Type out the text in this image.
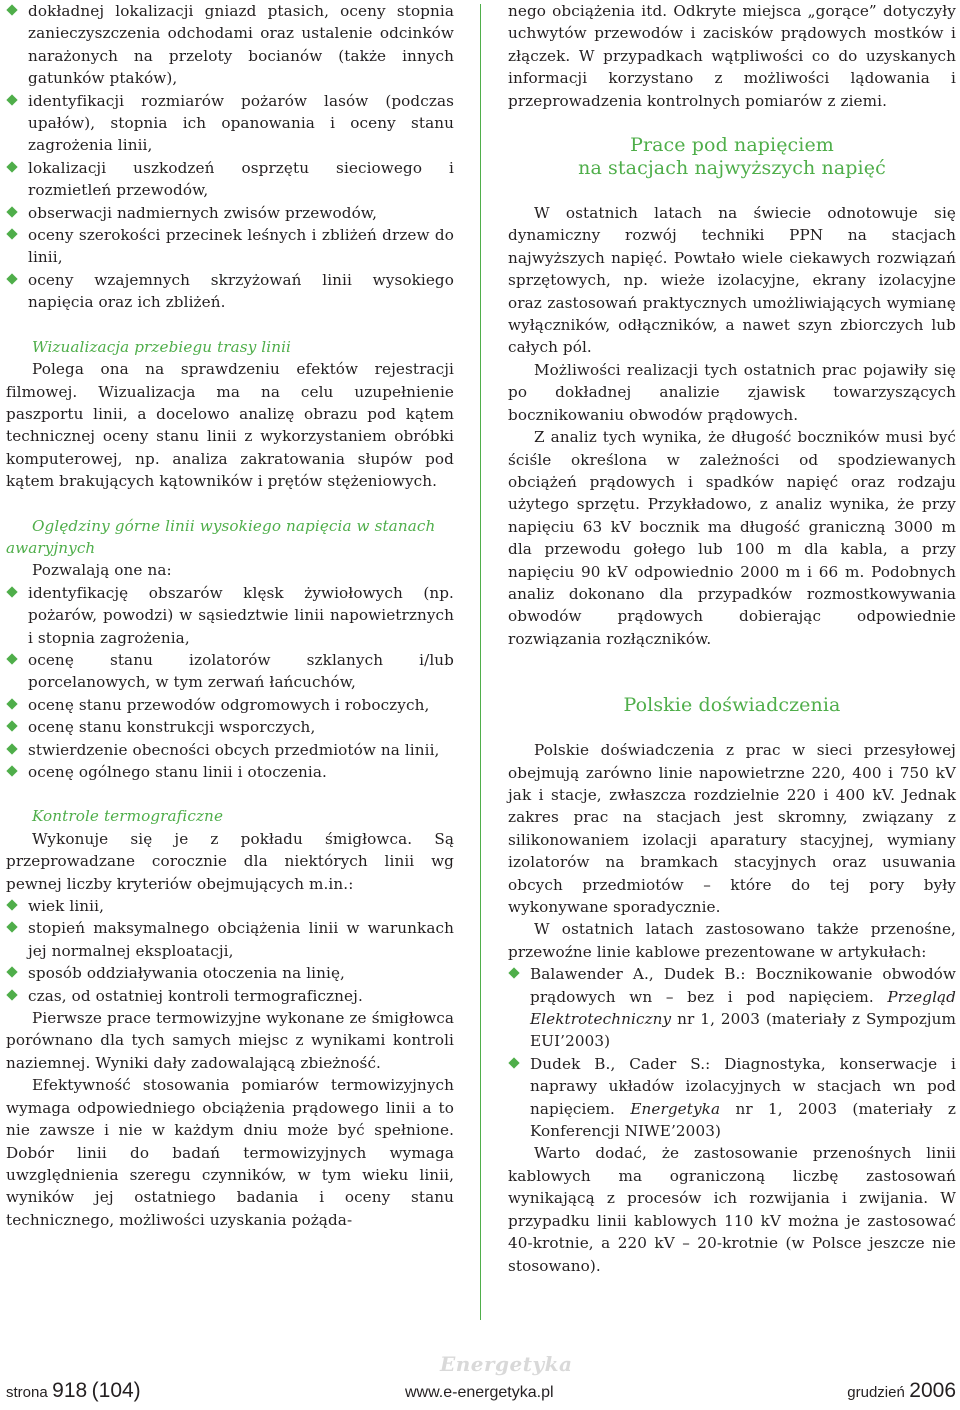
dokładnej lokalizacji gniazd ptasich, oceny stopnia zanieczyszczenia odchodami oraz ustalenie odcinków narażonych na przeloty bocianów (także innych gatunków ptaków),
identyfikacji rozmiarów pożarów lasów (podczas upałów), stopnia ich opanowania i oceny stanu zagrożenia linii,
lokalizacji uszkodzeń osprzętu sieciowego i rozmietleń przewodów,
obserwacji nadmiernych zwisów przewodów,
oceny szerokości przecinek leśnych i zbliżeń drzew do linii,
oceny wzajemnych skrzyżowań linii wysokiego napięcia oraz ich zbliżeń.
Wizualizacja przebiegu trasy linii

Polega ona na sprawdzeniu efektów rejestracji filmowej. Wizualizacja ma na celu uzupełnienie paszportu linii, a docelowo analizę obrazu pod kątem technicznej oceny stanu linii z wykorzystaniem obróbki komputerowej, np. analiza zakratowania słupów pod kątem brakujących kątowników i prętów stężeniowych.

Oględziny górne linii wysokiego napięcia w stanach awaryjnych

Pozwalają one na:

identyfikację obszarów klęsk żywiołowych (np. pożarów, powodzi) w sąsiedztwie linii napowietrznych i stopnia zagrożenia,
ocenę stanu izolatorów szklanych i/lub porcelanowych, w tym zerwań łańcuchów,
ocenę stanu przewodów odgromowych i roboczych,
ocenę stanu konstrukcji wsporczych,
stwierdzenie obecności obcych przedmiotów na linii,
ocenę ogólnego stanu linii i otoczenia.
Kontrole termograficzne

Wykonuje się je z pokładu śmigłowca. Są przeprowadzane corocznie dla niektórych linii wg pewnej liczby kryteriów obejmujących m.in.:

wiek linii,
stopień maksymalnego obciążenia linii w warunkach jej normalnej eksploatacji,
sposób oddziaływania otoczenia na linię,
czas, od ostatniej kontroli termograficznej.

Pierwsze prace termowizyjne wykonane ze śmigłowca porównano dla tych samych miejsc z wynikami kontroli naziemnej. Wyniki dały zadowalającą zbieżność.

Efektywność stosowania pomiarów termowizyjnych wymaga odpowiedniego obciążenia prądowego linii a to nie zawsze i nie w każdym dniu może być spełnione. Dobór linii do badań termowizyjnych wymaga uwzględnienia szeregu czynników, w tym wieku linii, wyników jej ostatniego badania i oceny stanu technicznego, możliwości uzyskania pożąda-

nego obciążenia itd. Odkryte miejsca „gorące” dotyczyły uchwytów przewodów i zacisków prądowych mostków i złączek. W przypadkach wątpliwości co do uzyskanych informacji korzystano z możliwości lądowania i przeprowadzenia kontrolnych pomiarów z ziemi.

Prace pod napięciem
na stacjach najwyższych napięć

W ostatnich latach na świecie odnotowuje się dynamiczny rozwój techniki PPN na stacjach najwyższych napięć. Powtało wiele ciekawych rozwiązań sprzętowych, np. wieże izolacyjne, ekrany izolacyjne oraz zastosowań praktycznych umożliwiających wymianę wyłączników, odłączników, a nawet szyn zbiorczych lub całych pól.

Możliwości realizacji tych ostatnich prac pojawiły się po dokładnej analizie zjawisk towarzyszących bocznikowaniu obwodów prądowych.

Z analiz tych wynika, że długość boczników musi być ściśle określona w zależności od spodziewanych obciążeń prądowych i spadków napięć oraz rodzaju użytego sprzętu. Przykładowo, z analiz wynika, że przy napięciu 63 kV bocznik ma długość graniczną 3000 m dla przewodu gołego lub 100 m dla kabla, a przy napięciu 90 kV odpowiednio 2000 m i 66 m. Podobnych analiz dokonano dla przypadków rozmostkowywania obwodów prądowych dobierając odpowiednie rozwiązania rozłączników.

Polskie doświadczenia

Polskie doświadczenia z prac w sieci przesyłowej obejmują zarówno linie napowietrzne 220, 400 i 750 kV jak i stacje, zwłaszcza rozdzielnie 220 i 400 kV. Jednak zakres prac na stacjach jest skromny, związany z silikonowaniem izolacji aparatury stacyjnej, wymiany izolatorów na bramkach stacyjnych oraz usuwania obcych przedmiotów – które do tej pory były wykonywane sporadycznie.

W ostatnich latach zastosowano także przenośne, przewoźne linie kablowe prezentowane w artykułach:

Balawender A., Dudek B.: Bocznikowanie obwodów prądowych wn – bez i pod napięciem. Przegląd Elektrotechniczny nr 1, 2003 (materiały z Sympozjum EUI’2003)
Dudek B., Cader S.: Diagnostyka, konserwacje i naprawy układów izolacyjnych w stacjach wn pod napięciem. Energetyka nr 1, 2003 (materiały z Konferencji NIWE’2003)

Warto dodać, że zastosowanie przenośnych linii kablowych ma ograniczoną liczbę zastosowań wynikającą z procesów ich rozwijania i zwijania. W przypadku linii kablowych 110 kV można je zastosować 40-krotnie, a 220 kV – 20-krotnie (w Polsce jeszcze nie stosowano).

Energetyka
strona 918 (104)	www.e-energetyka.pl	grudzień 2006
